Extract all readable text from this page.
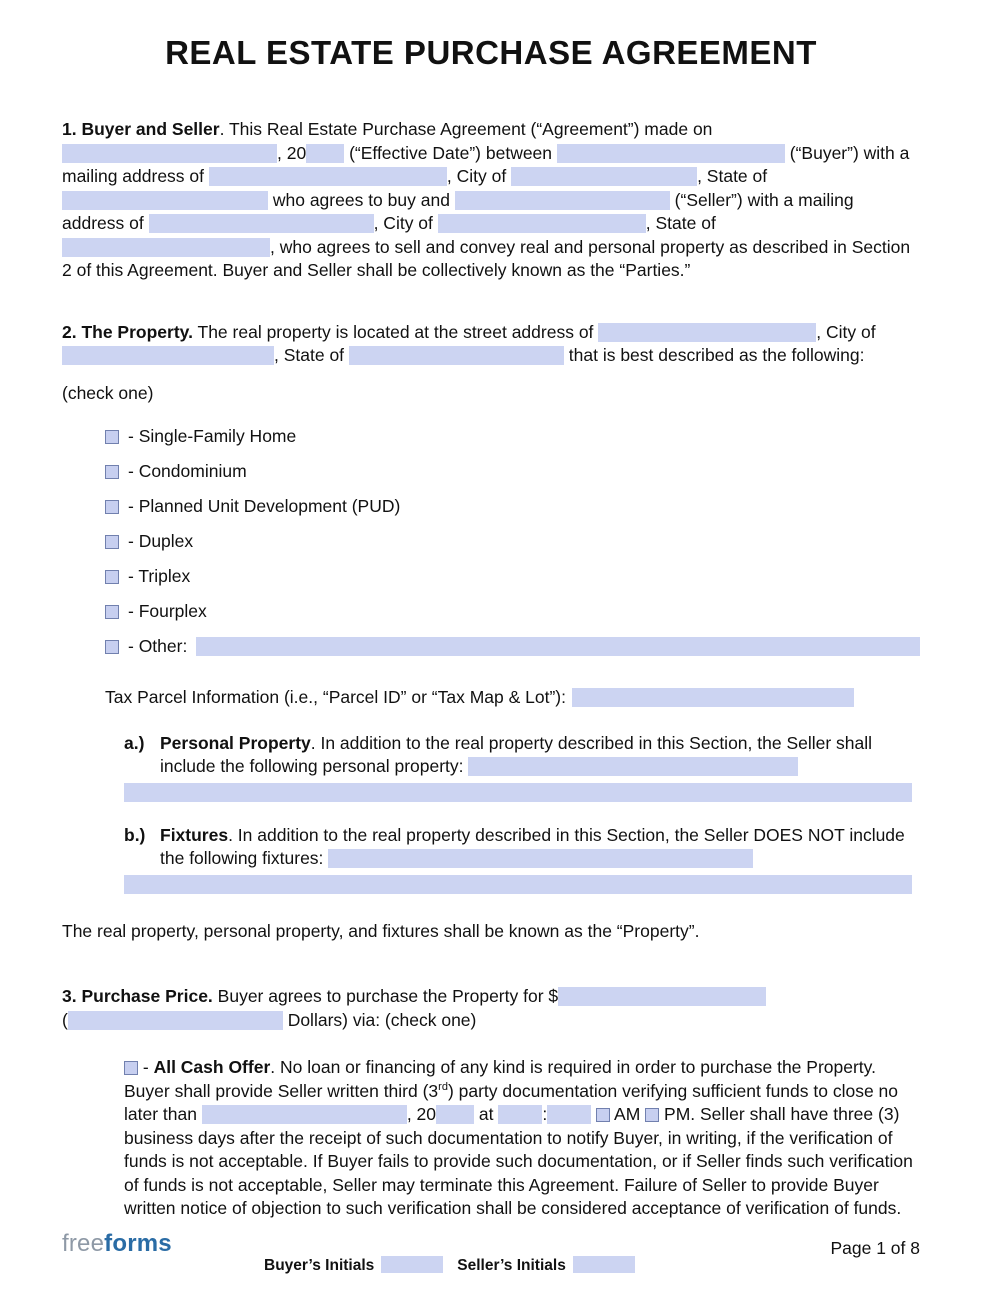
REAL ESTATE PURCHASE AGREEMENT

1. Buyer and Seller. This Real Estate Purchase Agreement (“Agreement”) made on , 20 (“Effective Date”) between	(“Buyer”) with a mailing address of	, City of	, State of  who agrees to buy and	(“Seller”) with a mailing address of	, City of	, State of , who agrees to sell and convey real and personal property as described in Section 2 of this Agreement. Buyer and Seller shall be collectively known as the “Parties.”

2. The Property. The real property is located at the street address of	, City of , State of	that is best described as the following:

(check one)

- Single-Family Home
- Condominium
- Planned Unit Development (PUD)
- Duplex
- Triplex
- Fourplex
- Other:
Tax Parcel Information (i.e., “Parcel ID” or “Tax Map & Lot”):
a.) Personal Property. In addition to the real property described in this Section, the Seller shall include the following personal property:
b.) Fixtures. In addition to the real property described in this Section, the Seller DOES NOT include the following fixtures:

The real property, personal property, and fixtures shall be known as the “Property”.

3. Purchase Price. Buyer agrees to purchase the Property for $
(	Dollars) via: (check one)

- All Cash Offer. No loan or financing of any kind is required in order to purchase the Property. Buyer shall provide Seller written third (3rd) party documentation verifying sufficient funds to close no later than	, 20 at	:	AM PM. Seller shall have three (3) business days after the receipt of such documentation to notify Buyer, in writing, if the verification of funds is not acceptable. If Buyer fails to provide such documentation, or if Seller finds such verification of funds is not acceptable, Seller may terminate this Agreement. Failure of Seller to provide Buyer written notice of objection to such verification shall be considered acceptance of verification of funds.

freeforms
Buyer’s Initials	Seller’s Initials
Page 1 of 8
